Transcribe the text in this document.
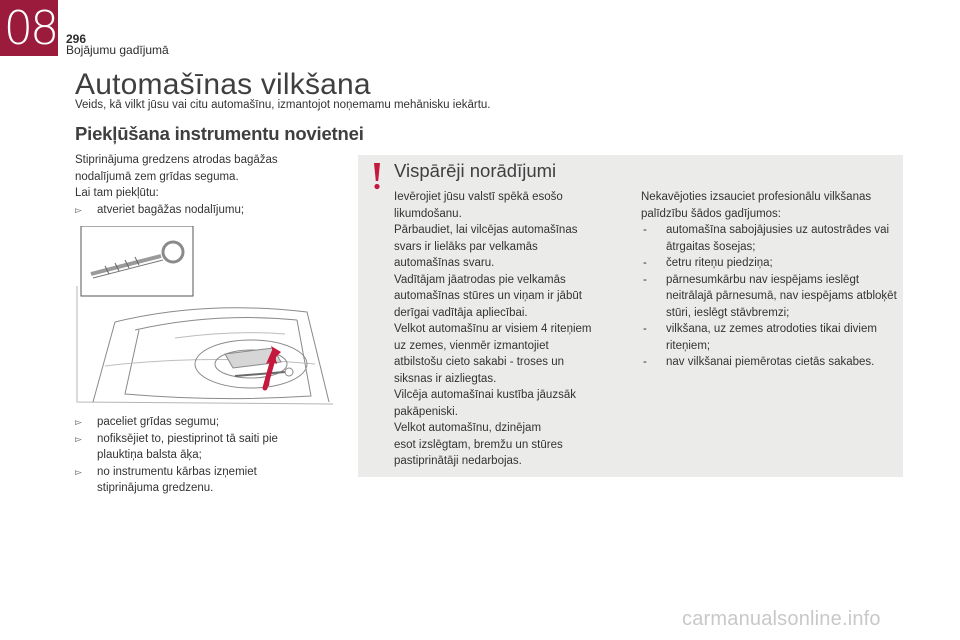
08 296
Bojājumu gadījumā
Automašīnas vilkšana
Veids, kā vilkt jūsu vai citu automašīnu, izmantojot noņemamu mehānisku iekārtu.
Piekļūšana instrumentu novietnei
Stiprinājuma gredzens atrodas bagāžas
nodalījumā zem grīdas seguma.
Lai tam piekļūtu:
▻ atveriet bagāžas nodalījumu;
▻ paceliet grīdas segumu;
▻ nofiksējiet to, piestiprinot tā saiti pie plauktiņa balsta āķa;
▻ no instrumentu kārbas izņemiet stiprinājuma gredzenu.
Vispārēji norādījumi
Ievērojiet jūsu valstī spēkā esošo
likumdošanu.
Pārbaudiet, lai vilcējas automašīnas
svars ir lielāks par velkamās
automašīnas svaru.
Vadītājam jāatrodas pie velkamās
automašīnas stūres un viņam ir jābūt
derīgai vadītāja apliecībai.
Velkot automašīnu ar visiem 4 riteņiem
uz zemes, vienmēr izmantojiet
atbilstošu cieto sakabi - troses un
siksnas ir aizliegtas.
Vilcēja automašīnai kustība jāuzsāk
pakāpeniski.
Velkot automašīnu, dzinējam
esot izslēgtam, bremžu un stūres
pastiprinātāji nedarbojas.
Nekavējoties izsauciet profesionālu vilkšanas
palīdzību šādos gadījumos:
- automašīna sabojājusies uz autostrādes vai ātrgaitas šosejas;
- četru riteņu piedziņa;
- pārnesumkārbu nav iespējams ieslēgt neitrālajā pārnesumā, nav iespējams atbloķēt stūri, ieslēgt stāvbremzi;
- vilkšana, uz zemes atrodoties tikai diviem riteņiem;
- nav vilkšanai piemērotas cietās sakabes.
carmanualsonline.info
